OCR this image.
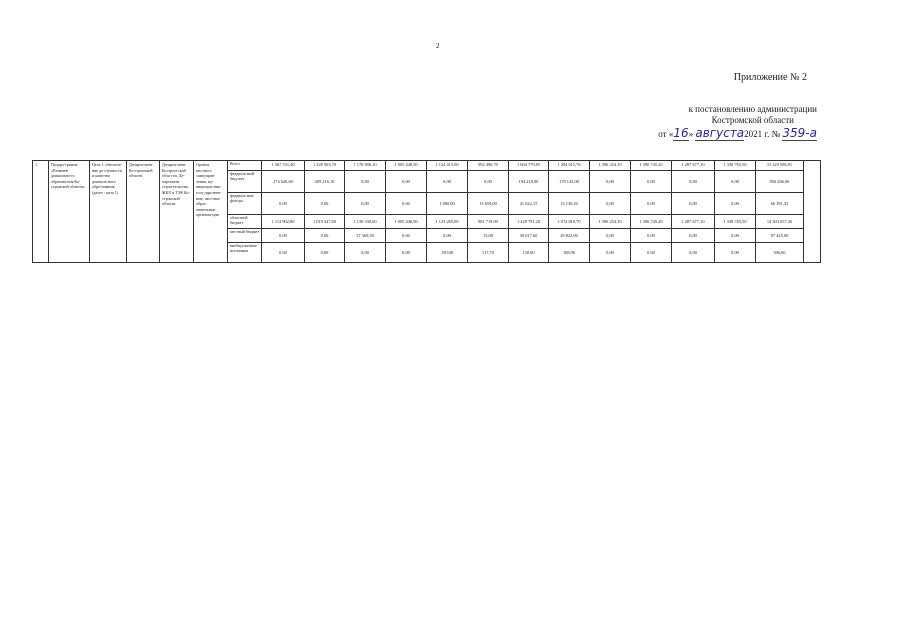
2
Приложение № 2
к постановлению администрации
Костромской области
от «16» августа2021 г. № 359-а
1.	Подпро-грамма «Развитие дошкольно-го образова-ния Ко-стромской области»	Цель 1. обеспече-ние до-ступности и качества дошколь-ного обра-зования (далее - цель 1)	Департа-мент Ко-стромской области	Департа-мент Костром-ской обла-сти, Де-партамент строи-тельства, ЖКХ и ТЭК Ко-стромской области	Органы местного самоуправ-ления, му-ниципаль-ные, госу-дарствен-ные, част-ные образ-овательные организа-ции	Всего	1 367 531,40	1 228 563,70	1 176 900,10	1 005 448,50	1 124 415,00	992 490,70	1 604 779,85	1 294 015,76	1 396 254,10	1 396 745,20	1 287 677,10	1 338 765,50	15 323 586,91	
						федераль-ный бюд-жет	274 628,60	209 216,10	0,00	0,00	0,00	0,00	194 218,90	178 143,00	0,00	0,00	0,00	0,00	856 206,60	
						федераль-ные фон-ды	0,00	0,00	0,00	0,00	1 000,00	15 659,00	41 622,15	13 130,20	0,00	0,00	0,00	0,00	66 391,35	
						областной бюджет	1 112 902,80	1 019 347,60	1 139 330,60	1 005 448,50	1 123 265,00	981 719,00	1 428 791,20	1 072 810,70	1 396 254,10	1 396 745,20	1 287 677,10	1 338 765,50	14 303 057,30	
						местный бюджет	0,00	0,00	37 569,50	0,00	0,00	15,00	30 017,60	29 822,90	0,00	0,00	0,00	0,00	97 425,00	
						внебюд-жетные источники	0,00	0,00	0,00	0,00	150,00	117,70	130,00	108,96	0,00	0,00	0,00	0,00	506,66	
